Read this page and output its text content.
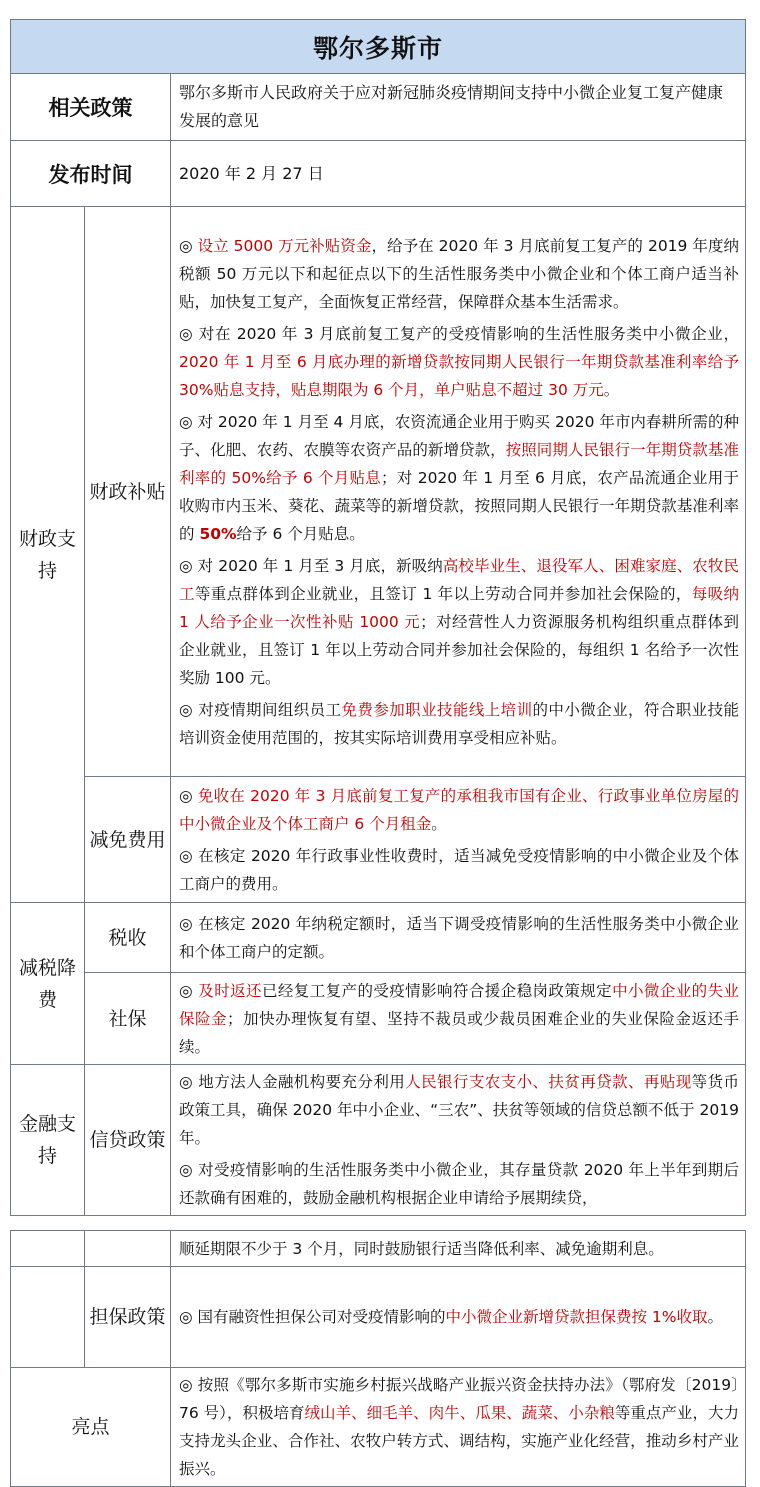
鄂尔多斯市		
相关政策		鄂尔多斯市人民政府关于应对新冠肺炎疫情期间支持中小微企业复工复产健康发展的意见
发布时间		2020 年 2 月 27 日
财政支持	财政补贴	◎ 设立 5000 万元补贴资金，给予在 2020 年 3 月底前复工复产的 2019 年度纳税额 50 万元以下和起征点以下的生活性服务类中小微企业和个体工商户适当补贴，加快复工复产，全面恢复正常经营，保障群众基本生活需求。

◎ 对在 2020 年 3 月底前复工复产的受疫情影响的生活性服务类中小微企业，2020 年 1 月至 6 月底办理的新增贷款按同期人民银行一年期贷款基准利率给予 30%贴息支持，贴息期限为 6 个月，单户贴息不超过 30 万元。

◎ 对 2020 年 1 月至 4 月底，农资流通企业用于购买 2020 年市内春耕所需的种子、化肥、农药、农膜等农资产品的新增贷款，按照同期人民银行一年期贷款基准利率的 50%给予 6 个月贴息；对 2020 年 1 月至 6 月底，农产品流通企业用于收购市内玉米、葵花、蔬菜等的新增贷款，按照同期人民银行一年期贷款基准利率的 50%给予 6 个月贴息。

◎ 对 2020 年 1 月至 3 月底，新吸纳高校毕业生、退役军人、困难家庭、农牧民工等重点群体到企业就业，且签订 1 年以上劳动合同并参加社会保险的，每吸纳 1 人给予企业一次性补贴 1000 元；对经营性人力资源服务机构组织重点群体到企业就业，且签订 1 年以上劳动合同并参加社会保险的，每组织 1 名给予一次性奖励 100 元。

◎ 对疫情期间组织员工免费参加职业技能线上培训的中小微企业，符合职业技能培训资金使用范围的，按其实际培训费用享受相应补贴。

	减免费用	◎ 免收在 2020 年 3 月底前复工复产的承租我市国有企业、行政事业单位房屋的中小微企业及个体工商户 6 个月租金。

◎ 在核定 2020 年行政事业性收费时，适当减免受疫情影响的中小微企业及个体工商户的费用。

减税降费	税收	◎ 在核定 2020 年纳税定额时，适当下调受疫情影响的生活性服务类中小微企业和个体工商户的定额。

	社保	◎ 及时返还已经复工复产的受疫情影响符合援企稳岗政策规定中小微企业的失业保险金；加快办理恢复有望、坚持不裁员或少裁员困难企业的失业保险金返还手续。

金融支持	信贷政策	◎ 地方法人金融机构要充分利用人民银行支农支小、扶贫再贷款、再贴现等货币政策工具，确保 2020 年中小企业、“三农”、扶贫等领域的信贷总额不低于 2019 年。

◎ 对受疫情影响的生活性服务类中小微企业，其存量贷款 2020 年上半年到期后还款确有困难的，鼓励金融机构根据企业申请给予展期续贷，

		顺延期限不少于 3 个月，同时鼓励银行适当降低利率、减免逾期利息。
	担保政策	◎ 国有融资性担保公司对受疫情影响的中小微企业新增贷款担保费按 1%收取。

亮点		◎ 按照《鄂尔多斯市实施乡村振兴战略产业振兴资金扶持办法》（鄂府发〔2019〕76 号），积极培育绒山羊、细毛羊、肉牛、瓜果、蔬菜、小杂粮等重点产业，大力支持龙头企业、合作社、农牧户转方式、调结构，实施产业化经营，推动乡村产业振兴。
